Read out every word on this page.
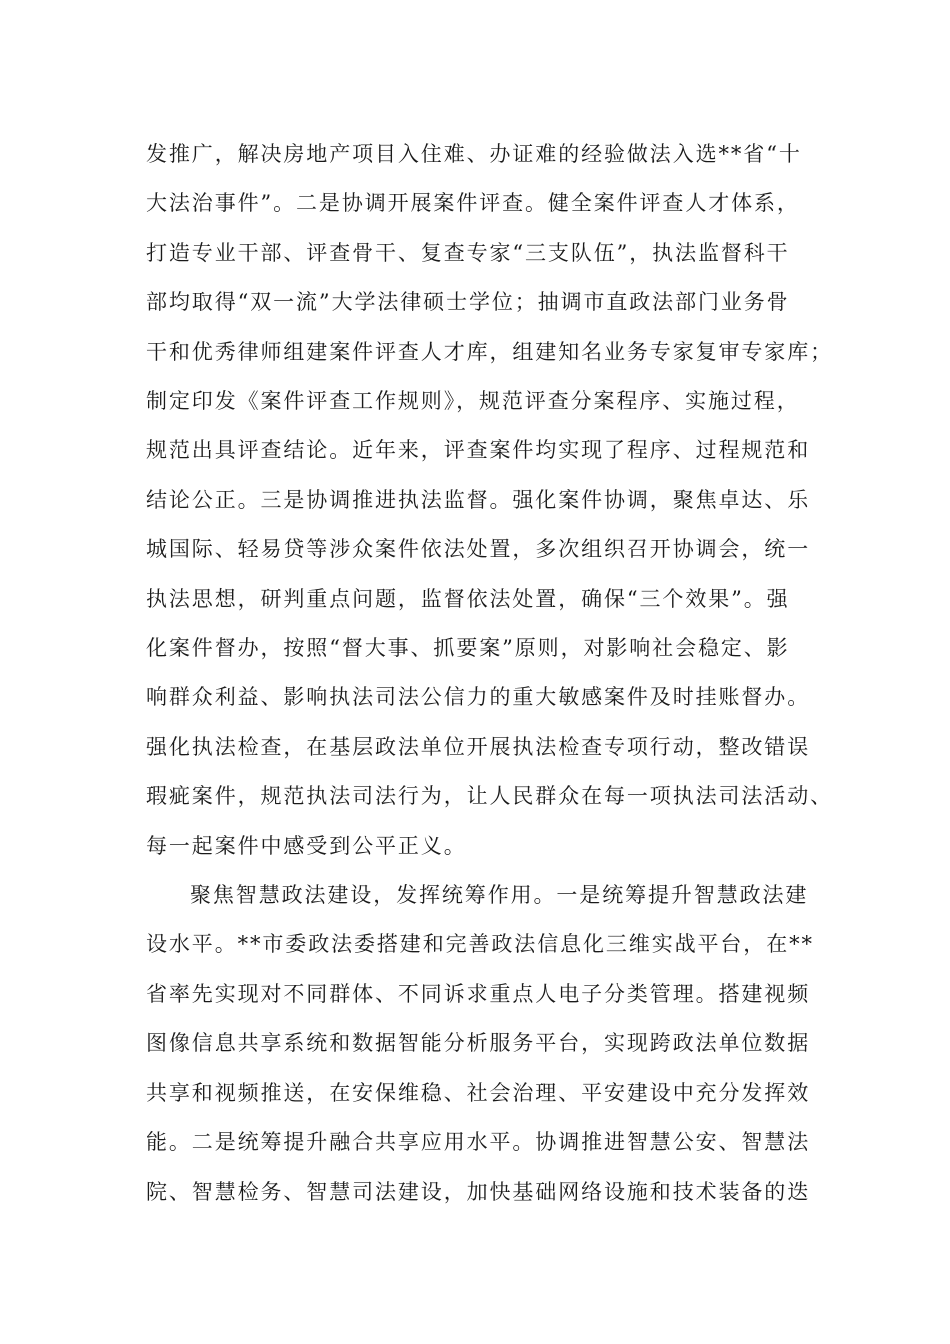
发推广，解决房地产项目入住难、办证难的经验做法入选**省“十
大法治事件”。二是协调开展案件评查。健全案件评查人才体系，
打造专业干部、评查骨干、复查专家“三支队伍”，执法监督科干
部均取得“双一流”大学法律硕士学位；抽调市直政法部门业务骨
干和优秀律师组建案件评查人才库，组建知名业务专家复审专家库；
制定印发《案件评查工作规则》，规范评查分案程序、实施过程，
规范出具评查结论。近年来，评查案件均实现了程序、过程规范和
结论公正。三是协调推进执法监督。强化案件协调，聚焦卓达、乐
城国际、轻易贷等涉众案件依法处置，多次组织召开协调会，统一
执法思想，研判重点问题，监督依法处置，确保“三个效果”。强
化案件督办，按照“督大事、抓要案”原则，对影响社会稳定、影
响群众利益、影响执法司法公信力的重大敏感案件及时挂账督办。
强化执法检查，在基层政法单位开展执法检查专项行动，整改错误
瑕疵案件，规范执法司法行为，让人民群众在每一项执法司法活动、
每一起案件中感受到公平正义。
聚焦智慧政法建设，发挥统筹作用。一是统筹提升智慧政法建
设水平。**市委政法委搭建和完善政法信息化三维实战平台，在**
省率先实现对不同群体、不同诉求重点人电子分类管理。搭建视频
图像信息共享系统和数据智能分析服务平台，实现跨政法单位数据
共享和视频推送，在安保维稳、社会治理、平安建设中充分发挥效
能。二是统筹提升融合共享应用水平。协调推进智慧公安、智慧法
院、智慧检务、智慧司法建设，加快基础网络设施和技术装备的迭
